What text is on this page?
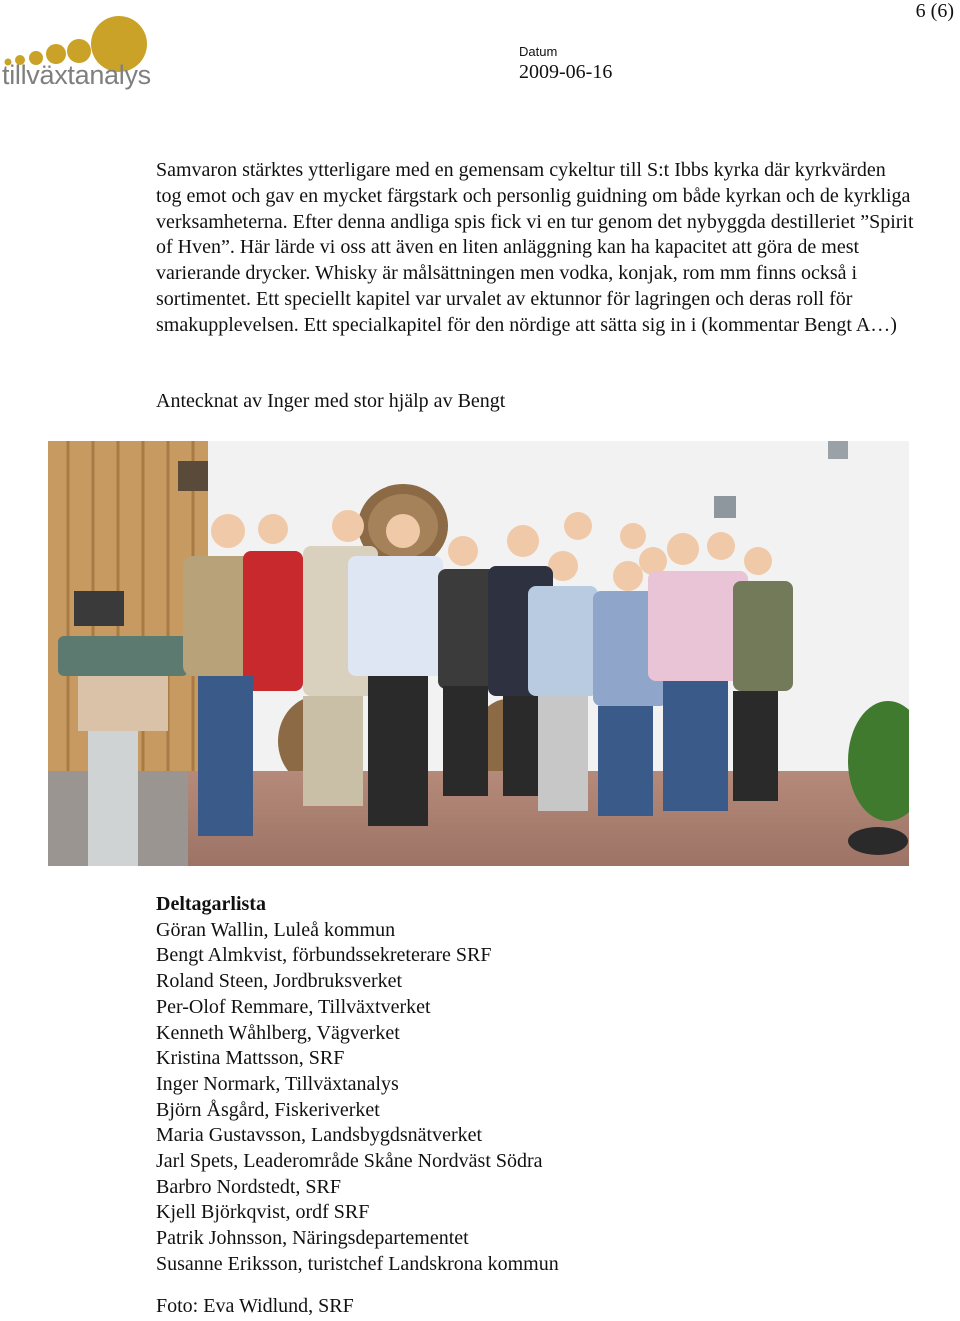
6 (6)
tillväxtanalys
Datum
2009-06-16

Samvaron stärktes ytterligare med en gemensam cykeltur till S:t Ibbs kyrka där kyrkvärden tog emot och gav en mycket färgstark och personlig guidning om både kyrkan och de kyrkliga verksamheterna. Efter denna andliga spis fick vi en tur genom det nybyggda destilleriet ”Spirit of Hven”. Här lärde vi oss att även en liten anläggning kan ha kapacitet att göra de mest varierande drycker. Whisky är målsättningen men vodka, konjak, rom mm finns också i sortimentet. Ett speciellt kapitel var urvalet av ektunnor för lagringen och deras roll för smakupplevelsen. Ett specialkapitel för den nördige att sätta sig in i (kommentar Bengt A…)

Antecknat av Inger med stor hjälp av Bengt
Deltagarlista
Göran Wallin, Luleå kommun
Bengt Almkvist, förbundssekreterare SRF
Roland Steen, Jordbruksverket
Per-Olof Remmare, Tillväxtverket
Kenneth Wåhlberg, Vägverket
Kristina Mattsson, SRF
Inger Normark, Tillväxtanalys
Björn Åsgård, Fiskeriverket
Maria Gustavsson, Landsbygdsnätverket
Jarl Spets, Leaderområde Skåne Nordväst Södra
Barbro Nordstedt, SRF
Kjell Björkqvist, ordf SRF
Patrik Johnsson, Näringsdepartementet
Susanne Eriksson, turistchef Landskrona kommun
Foto: Eva Widlund, SRF
